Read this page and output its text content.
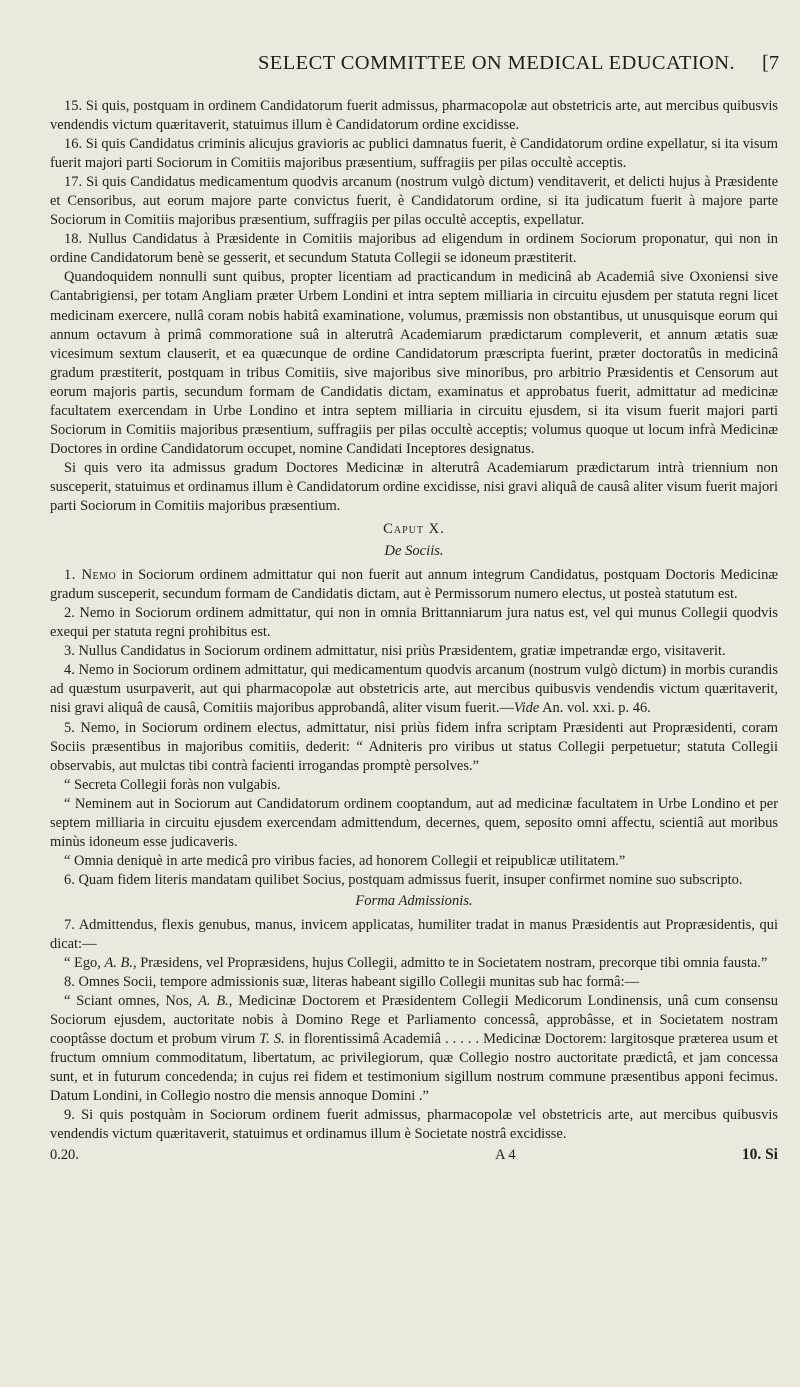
SELECT COMMITTEE ON MEDICAL EDUCATION. [7

15. Si quis, postquam in ordinem Candidatorum fuerit admissus, pharmacopolæ aut obstetricis arte, aut mercibus quibusvis vendendis victum quæritaverit, statuimus illum è Candidatorum ordine excidisse.

16. Si quis Candidatus criminis alicujus gravioris ac publici damnatus fuerit, è Candidatorum ordine expellatur, si ita visum fuerit majori parti Sociorum in Comitiis majoribus præsentium, suffragiis per pilas occultè acceptis.

17. Si quis Candidatus medicamentum quodvis arcanum (nostrum vulgò dictum) venditaverit, et delicti hujus à Præsidente et Censoribus, aut eorum majore parte convictus fuerit, è Candidatorum ordine, si ita judicatum fuerit à majore parte Sociorum in Comitiis majoribus præsentium, suffragiis per pilas occultè acceptis, expellatur.

18. Nullus Candidatus à Præsidente in Comitiis majoribus ad eligendum in ordinem Sociorum proponatur, qui non in ordine Candidatorum benè se gesserit, et secundum Statuta Collegii se idoneum præstiterit.

Quandoquidem nonnulli sunt quibus, propter licentiam ad practicandum in medicinâ ab Academiâ sive Oxoniensi sive Cantabrigiensi, per totam Angliam præter Urbem Londini et intra septem milliaria in circuitu ejusdem per statuta regni licet medicinam exercere, nullâ coram nobis habitâ examinatione, volumus, præmissis non obstantibus, ut unusquisque eorum qui annum octavum à primâ commoratione suâ in alterutrâ Academiarum prædictarum compleverit, et annum ætatis suæ vicesimum sextum clauserit, et ea quæcunque de ordine Candidatorum præscripta fuerint, præter doctoratûs in medicinâ gradum præstiterit, postquam in tribus Comitiis, sive majoribus sive minoribus, pro arbitrio Præsidentis et Censorum aut eorum majoris partis, secundum formam de Candidatis dictam, examinatus et approbatus fuerit, admittatur ad medicinæ facultatem exercendam in Urbe Londino et intra septem milliaria in circuitu ejusdem, si ita visum fuerit majori parti Sociorum in Comitiis majoribus præsentium, suffragiis per pilas occultè acceptis; volumus quoque ut locum infrà Medicinæ Doctores in ordine Candidatorum occupet, nomine Candidati Inceptores designatus.

Si quis vero ita admissus gradum Doctores Medicinæ in alterutrâ Academiarum prædictarum intrà triennium non susceperit, statuimus et ordinamus illum è Candidatorum ordine excidisse, nisi gravi aliquâ de causâ aliter visum fuerit majori parti Sociorum in Comitiis majoribus præsentium.

Caput X.

De Sociis.

1. Nemo in Sociorum ordinem admittatur qui non fuerit aut annum integrum Candidatus, postquam Doctoris Medicinæ gradum susceperit, secundum formam de Candidatis dictam, aut è Permissorum numero electus, ut posteà statutum est.

2. Nemo in Sociorum ordinem admittatur, qui non in omnia Brittanniarum jura natus est, vel qui munus Collegii quodvis exequi per statuta regni prohibitus est.

3. Nullus Candidatus in Sociorum ordinem admittatur, nisi priùs Præsidentem, gratiæ impetrandæ ergo, visitaverit.

4. Nemo in Sociorum ordinem admittatur, qui medicamentum quodvis arcanum (nostrum vulgò dictum) in morbis curandis ad quæstum usurpaverit, aut qui pharmacopolæ aut obstetricis arte, aut mercibus quibusvis vendendis victum quæritaverit, nisi gravi aliquâ de causâ, Comitiis majoribus approbandâ, aliter visum fuerit.—Vide An. vol. xxi. p. 46.

5. Nemo, in Sociorum ordinem electus, admittatur, nisi priùs fidem infra scriptam Præsidenti aut Propræsidenti, coram Sociis præsentibus in majoribus comitiis, dederit: “ Adniteris pro viribus ut status Collegii perpetuetur; statuta Collegii observabis, aut mulctas tibi contrà facienti irrogandas promptè persolves.”

“ Secreta Collegii foràs non vulgabis.

“ Neminem aut in Sociorum aut Candidatorum ordinem cooptandum, aut ad medicinæ facultatem in Urbe Londino et per septem milliaria in circuitu ejusdem exercendam admittendum, decernes, quem, seposito omni affectu, scientiâ aut moribus minùs idoneum esse judicaveris.

“ Omnia deniquè in arte medicâ pro viribus facies, ad honorem Collegii et reipublicæ utilitatem.”

6. Quam fidem literis mandatam quilibet Socius, postquam admissus fuerit, insuper confirmet nomine suo subscripto.

Forma Admissionis.

7. Admittendus, flexis genubus, manus, invicem applicatas, humiliter tradat in manus Præsidentis aut Propræsidentis, qui dicat:—

“ Ego, A. B., Præsidens, vel Propræsidens, hujus Collegii, admitto te in Societatem nostram, precorque tibi omnia fausta.”

8. Omnes Socii, tempore admissionis suæ, literas habeant sigillo Collegii munitas sub hac formâ:—

“ Sciant omnes, Nos, A. B., Medicinæ Doctorem et Præsidentem Collegii Medicorum Londinensis, unâ cum consensu Sociorum ejusdem, auctoritate nobis à Domino Rege et Parliamento concessâ, approbâsse, et in Societatem nostram cooptâsse doctum et probum virum T. S. in florentissimâ Academiâ . . . . . Medicinæ Doctorem: largitosque præterea usum et fructum omnium commoditatum, libertatum, ac privilegiorum, quæ Collegio nostro auctoritate prædictâ, et jam concessa sunt, et in futurum concedenda; in cujus rei fidem et testimonium sigillum nostrum commune præsentibus apponi fecimus. Datum Londini, in Collegio nostro die mensis annoque Domini .”

9. Si quis postquàm in Sociorum ordinem fuerit admissus, pharmacopolæ vel obstetricis arte, aut mercibus quibusvis vendendis victum quæritaverit, statuimus et ordinamus illum è Societate nostrâ excidisse.

0.20.	A 4	10. Si
